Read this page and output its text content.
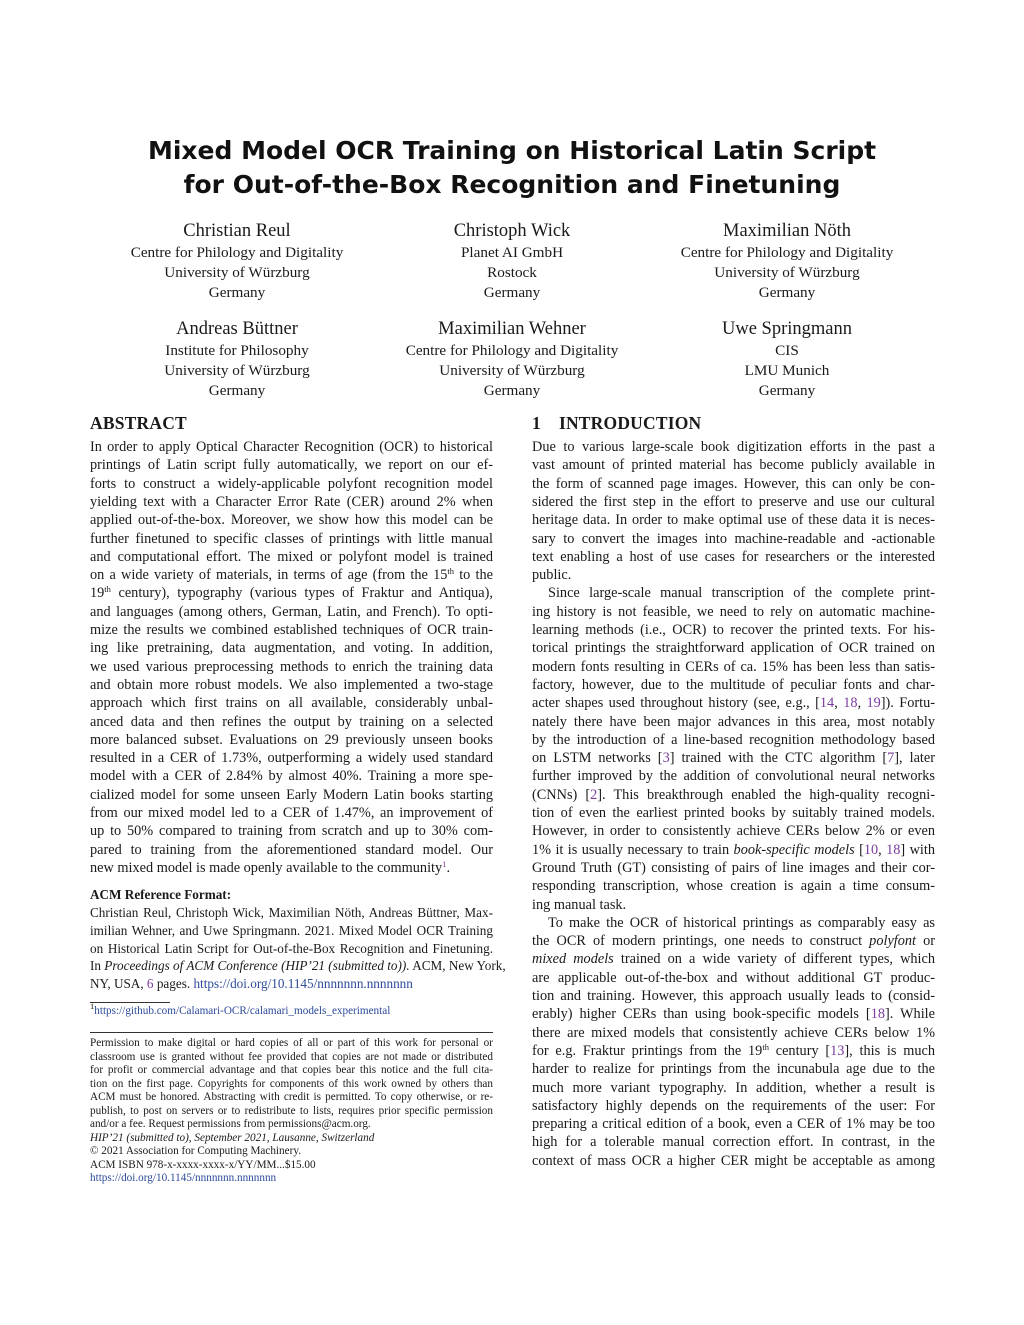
Mixed Model OCR Training on Historical Latin Script
for Out-of-the-Box Recognition and Finetuning
Christian Reul
Centre for Philology and Digitality
University of Würzburg
Germany
Christoph Wick
Planet AI GmbH
Rostock
Germany
Maximilian Nöth
Centre for Philology and Digitality
University of Würzburg
Germany
Andreas Büttner
Institute for Philosophy
University of Würzburg
Germany
Maximilian Wehner
Centre for Philology and Digitality
University of Würzburg
Germany
Uwe Springmann
CIS
LMU Munich
Germany
ABSTRACT
In order to apply Optical Character Recognition (OCR) to historical
printings of Latin script fully automatically, we report on our ef-
forts to construct a widely-applicable polyfont recognition model
yielding text with a Character Error Rate (CER) around 2% when
applied out-of-the-box. Moreover, we show how this model can be
further finetuned to specific classes of printings with little manual
and computational effort. The mixed or polyfont model is trained
on a wide variety of materials, in terms of age (from the 15th to the
19th century), typography (various types of Fraktur and Antiqua),
and languages (among others, German, Latin, and French). To opti-
mize the results we combined established techniques of OCR train-
ing like pretraining, data augmentation, and voting. In addition,
we used various preprocessing methods to enrich the training data
and obtain more robust models. We also implemented a two-stage
approach which first trains on all available, considerably unbal-
anced data and then refines the output by training on a selected
more balanced subset. Evaluations on 29 previously unseen books
resulted in a CER of 1.73%, outperforming a widely used standard
model with a CER of 2.84% by almost 40%. Training a more spe-
cialized model for some unseen Early Modern Latin books starting
from our mixed model led to a CER of 1.47%, an improvement of
up to 50% compared to training from scratch and up to 30% com-
pared to training from the aforementioned standard model. Our
new mixed model is made openly available to the community$^1$.
ACM Reference Format:
Christian Reul, Christoph Wick, Maximilian Nöth, Andreas Büttner, Max-
imilian Wehner, and Uwe Springmann. 2021. Mixed Model OCR Training
on Historical Latin Script for Out-of-the-Box Recognition and Finetuning.
In Proceedings of ACM Conference (HIP’21 (submitted to)). ACM, New York,
NY, USA, 6 pages. https://doi.org/10.1145/nnnnnnn.nnnnnnn
$^1$https://github.com/Calamari-OCR/calamari_models_experimental
Permission to make digital or hard copies of all or part of this work for personal or
classroom use is granted without fee provided that copies are not made or distributed
for profit or commercial advantage and that copies bear this notice and the full cita-
tion on the first page. Copyrights for components of this work owned by others than
ACM must be honored. Abstracting with credit is permitted. To copy otherwise, or re-
publish, to post on servers or to redistribute to lists, requires prior specific permission
and/or a fee. Request permissions from permissions@acm.org.
HIP’21 (submitted to), September 2021, Lausanne, Switzerland
© 2021 Association for Computing Machinery.
ACM ISBN 978-x-xxxx-xxxx-x/YY/MM...$15.00
https://doi.org/10.1145/nnnnnnn.nnnnnnn
1 INTRODUCTION
Due to various large-scale book digitization efforts in the past a
vast amount of printed material has become publicly available in
the form of scanned page images. However, this can only be con-
sidered the first step in the effort to preserve and use our cultural
heritage data. In order to make optimal use of these data it is neces-
sary to convert the images into machine-readable and -actionable
text enabling a host of use cases for researchers or the interested
public.
Since large-scale manual transcription of the complete print-
ing history is not feasible, we need to rely on automatic machine-
learning methods (i.e., OCR) to recover the printed texts. For his-
torical printings the straightforward application of OCR trained on
modern fonts resulting in CERs of ca. 15% has been less than satis-
factory, however, due to the multitude of peculiar fonts and char-
acter shapes used throughout history (see, e.g., [14, 18, 19]). Fortu-
nately there have been major advances in this area, most notably
by the introduction of a line-based recognition methodology based
on LSTM networks [3] trained with the CTC algorithm [7], later
further improved by the addition of convolutional neural networks
(CNNs) [2]. This breakthrough enabled the high-quality recogni-
tion of even the earliest printed books by suitably trained models.
However, in order to consistently achieve CERs below 2% or even
1% it is usually necessary to train book-specific models [10, 18] with
Ground Truth (GT) consisting of pairs of line images and their cor-
responding transcription, whose creation is again a time consum-
ing manual task.
To make the OCR of historical printings as comparably easy as
the OCR of modern printings, one needs to construct polyfont or
mixed models trained on a wide variety of different types, which
are applicable out-of-the-box and without additional GT produc-
tion and training. However, this approach usually leads to (consid-
erably) higher CERs than using book-specific models [18]. While
there are mixed models that consistently achieve CERs below 1%
for e.g. Fraktur printings from the 19th century [13], this is much
harder to realize for printings from the incunabula age due to the
much more variant typography. In addition, whether a result is
satisfactory highly depends on the requirements of the user: For
preparing a critical edition of a book, even a CER of 1% may be too
high for a tolerable manual correction effort. In contrast, in the
context of mass OCR a higher CER might be acceptable as among
